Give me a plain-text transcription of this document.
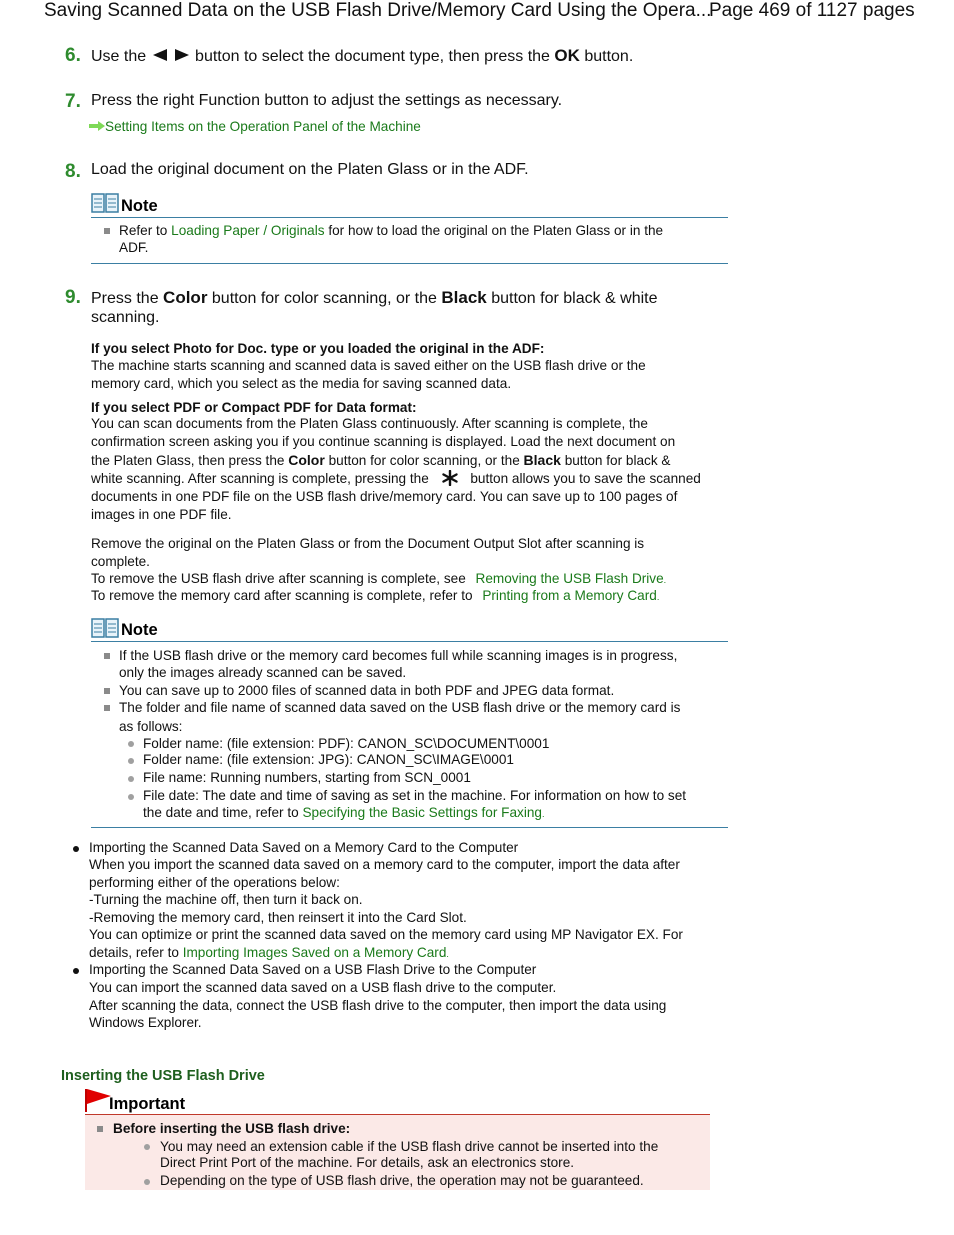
Saving Scanned Data on the USB Flash Drive/Memory Card Using the Opera...
Page 469 of 1127 pages
6. Use the	button to select the document type, then press the OK button.
7. Press the right Function button to adjust the settings as necessary.
Setting Items on the Operation Panel of the Machine
8. Load the original document on the Platen Glass or in the ADF.
Note
Refer to Loading Paper / Originals for how to load the original on the Platen Glass or in the
ADF.
9. Press the Color button for color scanning, or the Black button for black & white
scanning.
If you select Photo for Doc. type or you loaded the original in the ADF:
The machine starts scanning and scanned data is saved either on the USB flash drive or the
memory card, which you select as the media for saving scanned data.
If you select PDF or Compact PDF for Data format:
You can scan documents from the Platen Glass continuously. After scanning is complete, the
confirmation screen asking you if you continue scanning is displayed. Load the next document on
the Platen Glass, then press the Color button for color scanning, or the Black button for black &
white scanning. After scanning is complete, pressing the	button allows you to save the scanned
documents in one PDF file on the USB flash drive/memory card. You can save up to 100 pages of
images in one PDF file.
Remove the original on the Platen Glass or from the Document Output Slot after scanning is
complete.
To remove the USB flash drive after scanning is complete, see Removing the USB Flash Drive.
To remove the memory card after scanning is complete, refer to Printing from a Memory Card.
Note
If the USB flash drive or the memory card becomes full while scanning images is in progress,
only the images already scanned can be saved.
You can save up to 2000 files of scanned data in both PDF and JPEG data format.
The folder and file name of scanned data saved on the USB flash drive or the memory card is
as follows:
Folder name: (file extension: PDF): CANON_SC\DOCUMENT\0001
Folder name: (file extension: JPG): CANON_SC\IMAGE\0001
File name: Running numbers, starting from SCN_0001
File date: The date and time of saving as set in the machine. For information on how to set
the date and time, refer to Specifying the Basic Settings for Faxing.
Importing the Scanned Data Saved on a Memory Card to the Computer
When you import the scanned data saved on a memory card to the computer, import the data after
performing either of the operations below:
-Turning the machine off, then turn it back on.
-Removing the memory card, then reinsert it into the Card Slot.
You can optimize or print the scanned data saved on the memory card using MP Navigator EX. For
details, refer to Importing Images Saved on a Memory Card.
Importing the Scanned Data Saved on a USB Flash Drive to the Computer
You can import the scanned data saved on a USB flash drive to the computer.
After scanning the data, connect the USB flash drive to the computer, then import the data using
Windows Explorer.
Inserting the USB Flash Drive
Important
Before inserting the USB flash drive:
You may need an extension cable if the USB flash drive cannot be inserted into the
Direct Print Port of the machine. For details, ask an electronics store.
Depending on the type of USB flash drive, the operation may not be guaranteed.
